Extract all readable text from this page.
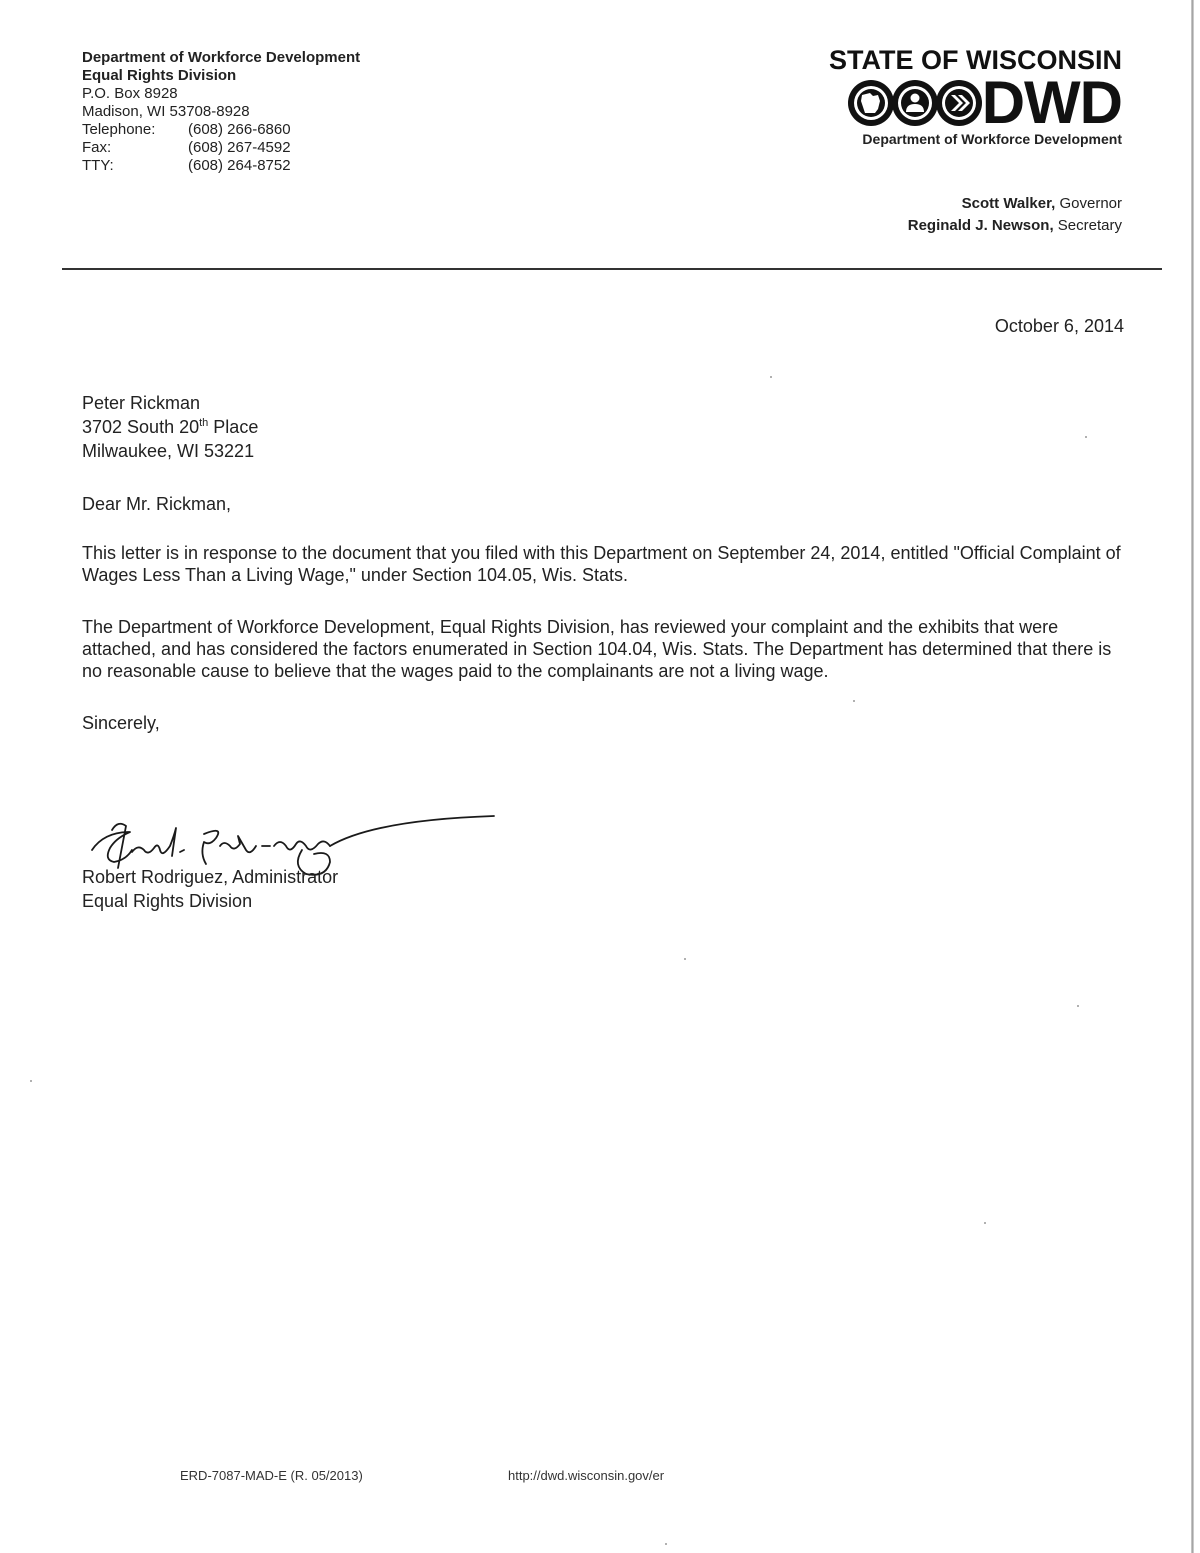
Department of Workforce Development
Equal Rights Division
P.O. Box 8928
Madison, WI 53708-8928
Telephone:	(608) 266-6860
Fax:	(608) 267-4592
TTY:	(608) 264-8752
STATE OF WISCONSIN
DWD
Department of Workforce Development
Scott Walker, Governor
Reginald J. Newson, Secretary
October 6, 2014
Peter Rickman
3702 South 20th Place
Milwaukee, WI 53221
Dear Mr. Rickman,
This letter is in response to the document that you filed with this Department on September 24, 2014, entitled "Official Complaint of Wages Less Than a Living Wage," under Section 104.05, Wis. Stats.
The Department of Workforce Development, Equal Rights Division, has reviewed your complaint and the exhibits that were attached, and has considered the factors enumerated in Section 104.04, Wis. Stats. The Department has determined that there is no reasonable cause to believe that the wages paid to the complainants are not a living wage.
Sincerely,
Robert Rodriguez, Administrator
Equal Rights Division
ERD-7087-MAD-E (R. 05/2013)	http://dwd.wisconsin.gov/er
